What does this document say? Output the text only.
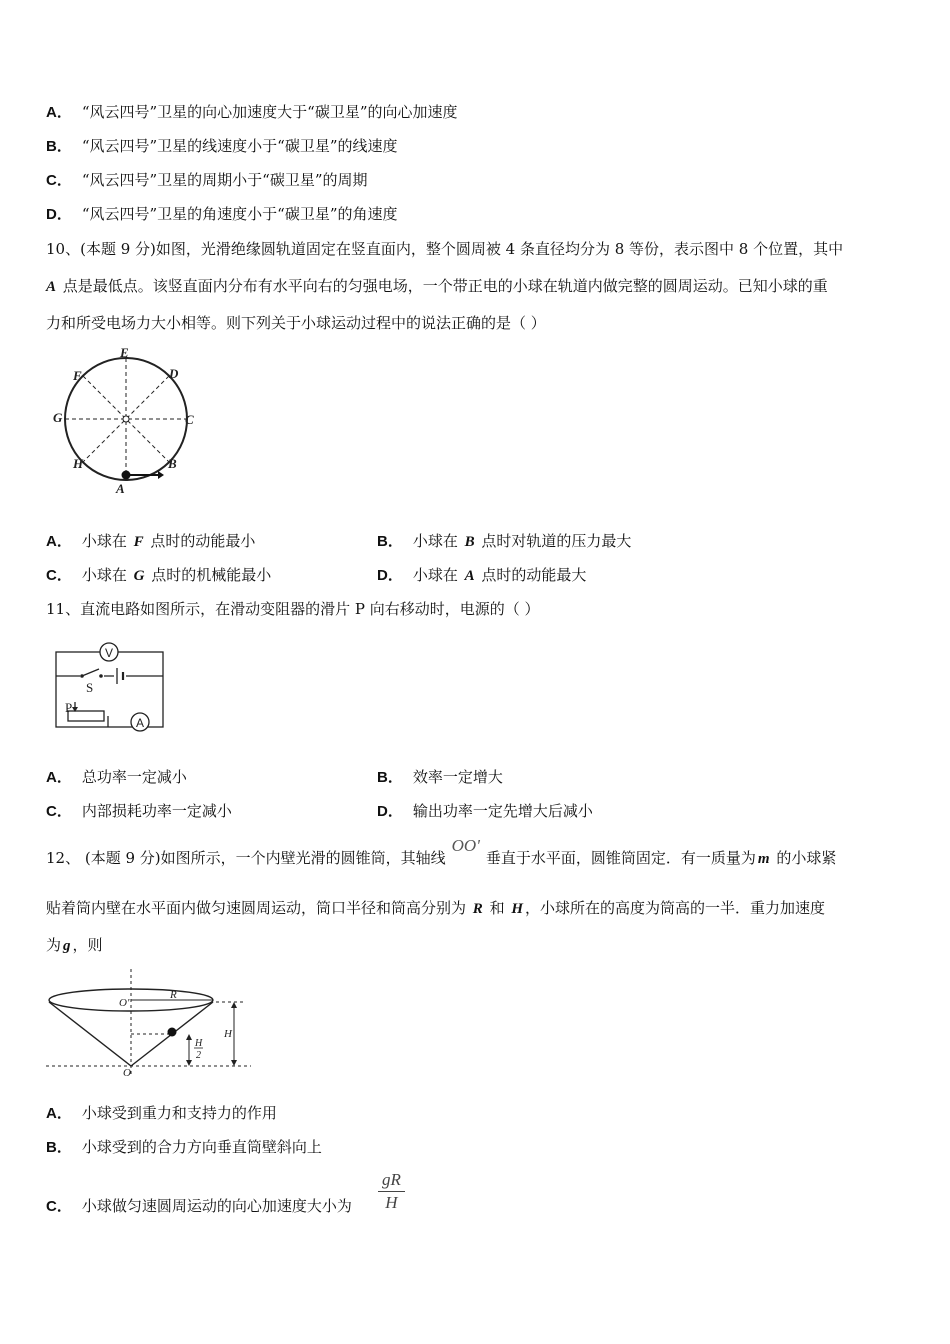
A． “风云四号”卫星的向心加速度大于“碳卫星”的向心加速度
B． “风云四号”卫星的线速度小于“碳卫星”的线速度
C． “风云四号”卫星的周期小于“碳卫星”的周期
D． “风云四号”卫星的角速度小于“碳卫星”的角速度
10、(本题 9 分)如图，光滑绝缘圆轨道固定在竖直面内，整个圆周被 4 条直径均分为 8 等份，表示图中 8 个位置，其中
A 点是最低点。该竖直面内分布有水平向右的匀强电场，一个带正电的小球在轨道内做完整的圆周运动。已知小球的重
力和所受电场力大小相等。则下列关于小球运动过程中的说法正确的是（ ）
E
D
C
B
A
H
G
F
A． 小球在 F 点时的动能最小	B． 小球在 B 点时对轨道的压力最大
C． 小球在 G 点时的机械能最小	D． 小球在 A 点时的动能最大
11、直流电路如图所示，在滑动变阻器的滑片 P 向右移动时，电源的（ ）
V
S
P
A
A． 总功率一定减小	B． 效率一定增大
C． 内部损耗功率一定减小	D． 输出功率一定先增大后减小
12、 (本题 9 分)如图所示，一个内壁光滑的圆锥筒，其轴线OO'垂直于水平面，圆锥筒固定．有一质量为 m 的小球紧
贴着筒内壁在水平面内做匀速圆周运动，筒口半径和筒高分别为 R 和 H ，小球所在的高度为筒高的一半．重力加速度
为 g ，则
O'
R
H
H
2
O
A． 小球受到重力和支持力的作用
B． 小球受到的合力方向垂直筒壁斜向上
C． 小球做匀速圆周运动的向心加速度大小为 $\frac{gR}{H}$
